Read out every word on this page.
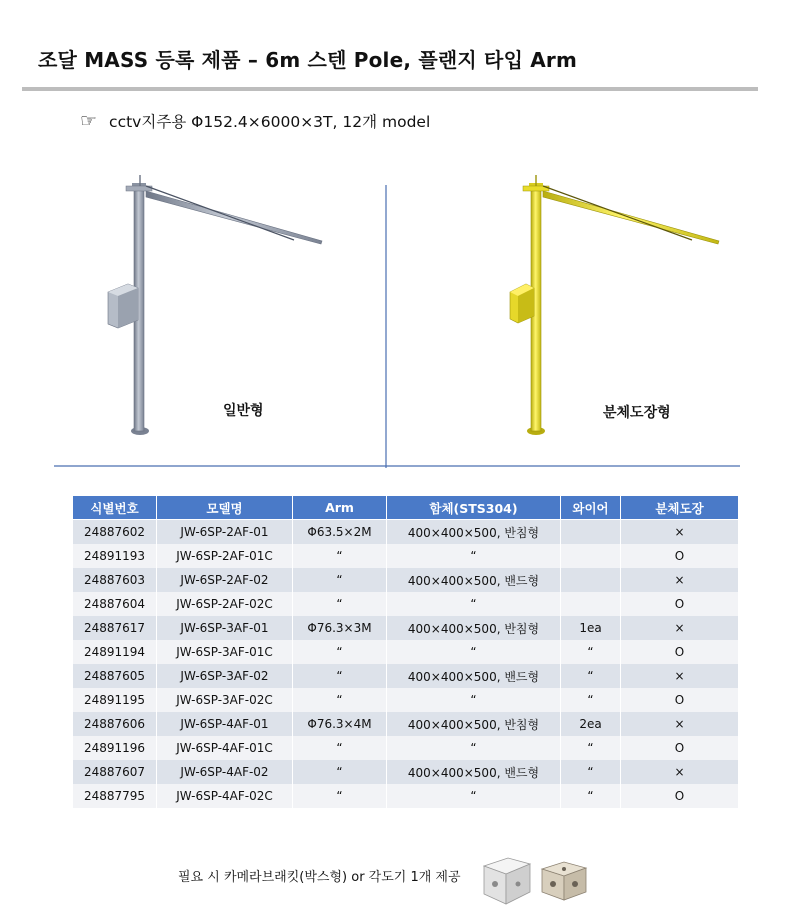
조달 MASS 등록 제품 – 6m 스텐 Pole, 플랜지 타입 Arm
☞ cctv지주용 Φ152.4×6000×3T, 12개 model
일반형	분체도장형
식별번호	모델명	Arm	함체(STS304)	와이어	분체도장
24887602	JW-6SP-2AF-01	Φ63.5×2M	400×400×500, 반침형		×
24891193	JW-6SP-2AF-01C	“	“		O
24887603	JW-6SP-2AF-02	“	400×400×500, 밴드형		×
24887604	JW-6SP-2AF-02C	“	“		O
24887617	JW-6SP-3AF-01	Φ76.3×3M	400×400×500, 반침형	1ea	×
24891194	JW-6SP-3AF-01C	“	“	“	O
24887605	JW-6SP-3AF-02	“	400×400×500, 밴드형	“	×
24891195	JW-6SP-3AF-02C	“	“	“	O
24887606	JW-6SP-4AF-01	Φ76.3×4M	400×400×500, 반침형	2ea	×
24891196	JW-6SP-4AF-01C	“	“	“	O
24887607	JW-6SP-4AF-02	“	400×400×500, 밴드형	“	×
24887795	JW-6SP-4AF-02C	“	“	“	O
필요 시 카메라브래킷(박스형) or 각도기 1개 제공
